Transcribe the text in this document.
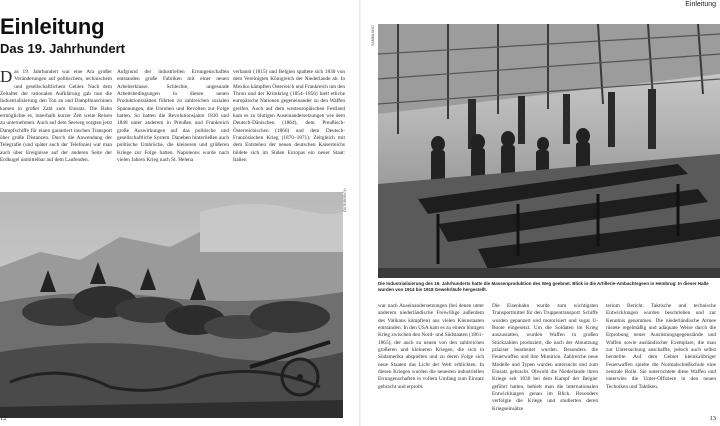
Einleitung
Das 19. Jahrhundert
Das 19. Jahrhundert war eine Ära großer Veränderungen auf politischem, technischem und gesellschaftlichem Gebiet. Nach dem Zeitalter der rationalen Aufklärung gab nun die Industrialisierung den Ton an und Dampfmaschinen kamen in großer Zahl zum Einsatz. Die Bahn ermöglichte es, innerhalb kurzer Zeit weite Reisen zu unternehmen. Auch auf dem Seeweg sorgten jetzt Dampfschiffe für einen garantiert raschen Transport über große Distanzen. Durch die Anwendung der Telegrafie (und später auch der Telefonie) war man auch über Ereignisse auf der anderen Seite der Erdkugel unmittelbar auf dem Laufenden.
Aufgrund der industriellen Errungenschaften entstanden große Fabriken mit einer neuen Arbeiterklasse. Schlechte, ungesunde Arbeitsbedingungen in diesen neuen Produktionsstätten führten zu zahlreichen sozialen Spannungen, die Unruhen und Revolten zur Folge hatten. So hatten die Revolutionsjahre 1830 und 1848 unter anderem in Preußen und Frankreich große Auswirkungen auf das politische und gesellschaftliche System. Daneben hinterließen auch politische Umbrüche, die kleineren und größeren Kriege zur Folge hatten. Napoleons wurde nach vielen Jahren Krieg nach St. Helena
verbannt (1815) und Belgien spaltete sich 1830 von dem Vereinigten Königreich der Niederlande ab. In Mexiko kämpften Österreich und Frankreich um den Thron und der Krimkrieg (1854–1856) hielt etliche europäische Nationen gegeneinander zu den Waffen greifen. Auch auf dem westeuropäischen Festland kam es zu blutigen Auseinandersetzungen wie dem Deutsch-Dänischen (1864), dem Preußisch-Österreichischen (1866) und dem Deutsch-Französischen Krieg (1870–1871). Zeitgleich mit dem Entstehen der neuen deutschen Kaiserreichs bildete sich im Süden Europas ein neuer Staat: Italien
ÖSTERREICH
12
Einleitung
SAMMLUNG
Die Industrialisierung des 19. Jahrhunderts hatte die Massenproduktion des Weg geebnet. Blick in die Artillerie-Ambachtsgeen in Hembrug: In dieser Halle wurden von 1914 bis 1918 Gewehrläufe hergestellt.
war nach Auseinandersetzungen (bei denen unter anderem niederländische Freiwillige außerdem des Vatikans kämpften) aus vielen Kleinstaaten entstanden. In den USA kam es zu einem blutigen Krieg zwischen den Nord- und Südstaaten (1861–1865), der auch zu neuen von den zahlreichen großeren und kleineren Kriegen, die sich in Südamerika abspielten und zu deren Folge sich neue Staaten das Licht der Welt erblickten. In diesen Kriegen wurden die neuesten industriellen Errungenschaften in vollem Umfang zum Einsatz gebracht und erprobt.
Die Eisenbahn wurde zum wichtigsten Transportmittel für den Truppentransport. Schiffe wurden gepanzert und motorisiert und sogar U-Boote eingesetzt. Um die Soldaten im Krieg auszustatten, wurden Waffen in großen Stückzahlen produziert, die nach der Abnutzung präziser bearbeitet wurden. Besonders die Feuerwaffen und ihre Munition. Zahlreiche neue Modelle und Typen wurden untersucht und zum Einsatz gebracht. Obwohl die Niederlande ihren Kriege seit 1830 bei dem Kampf der Belgier geführt hatten, behielt man die internationalen Entwicklungen genau im Blick. Besonders verfolgte die Kriege und studierten deren Kriegseinsätze
terium Bericht. Taktische und technische Entwicklungen wurden beschrieben und zur Kenntnis genommen. Die niederländische Armee rüstete regelmäßig und adäquate Weise durch die Erprobung neuer Ausrüstungsgegenstände und Waffen sowie ausländischer Exemplare, die man zur Untersuchung anschaffte, jedoch auch selbst herstellte. Auf dem Gebiet kleinkalibriger Feuerwaffen spielte die Normalschießschule eine zentrale Rolle. Sie unterrichtete diese Waffen und unterwies die Unter-Offiziere in den neuen Techniken und Taktiken.
13
